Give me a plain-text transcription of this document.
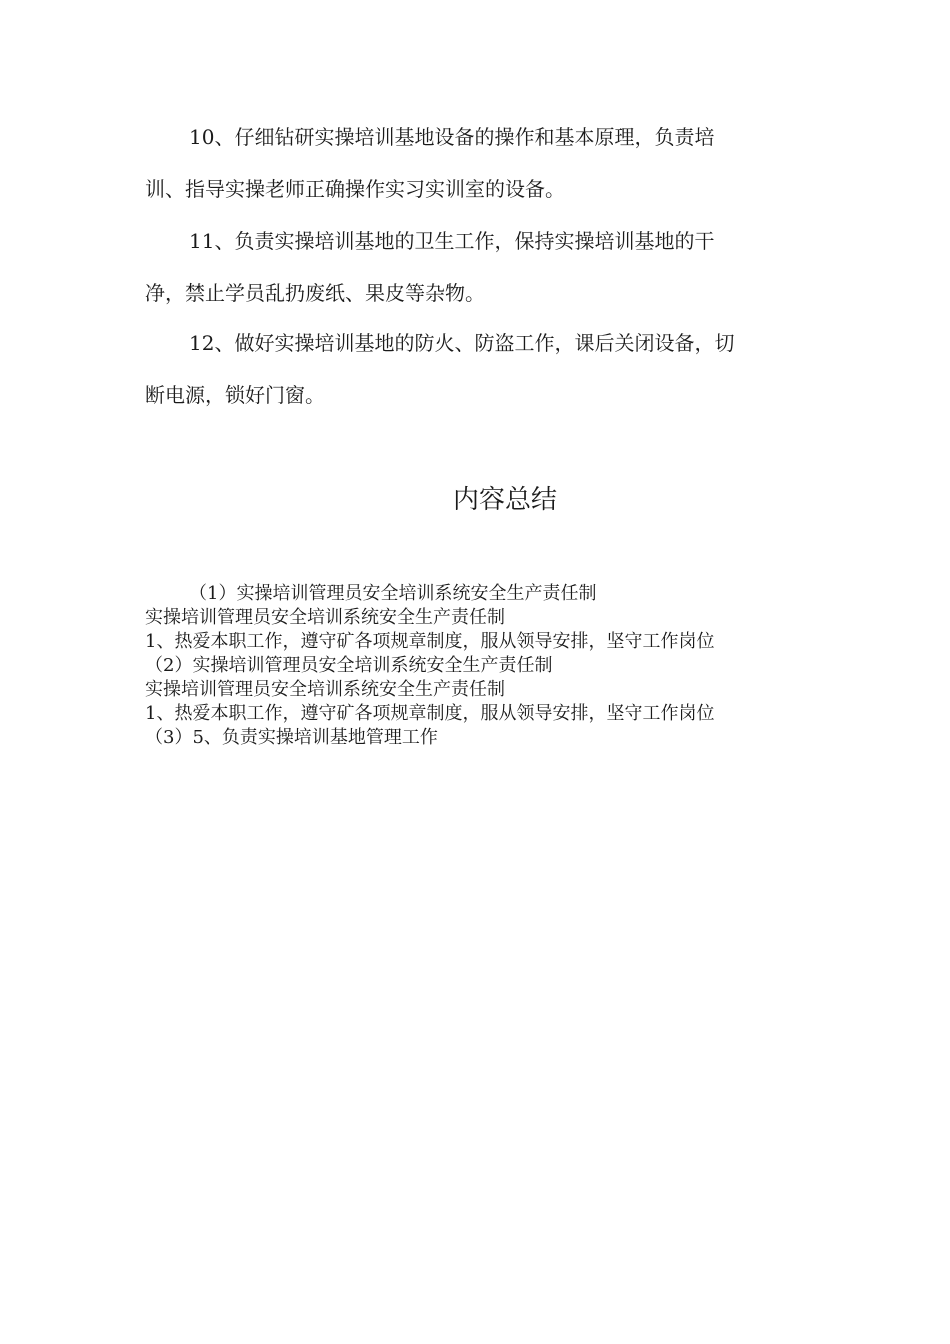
10、仔细钻研实操培训基地设备的操作和基本原理，负责培
训、指导实操老师正确操作实习实训室的设备。

11、负责实操培训基地的卫生工作，保持实操培训基地的干
净，禁止学员乱扔废纸、果皮等杂物。

12、做好实操培训基地的防火、防盗工作，课后关闭设备，切
断电源，锁好门窗。

内容总结
（1）实操培训管理员安全培训系统安全生产责任制
实操培训管理员安全培训系统安全生产责任制
1、热爱本职工作，遵守矿各项规章制度，服从领导安排，坚守工作岗位
（2）实操培训管理员安全培训系统安全生产责任制
实操培训管理员安全培训系统安全生产责任制
1、热爱本职工作，遵守矿各项规章制度，服从领导安排，坚守工作岗位
（3）5、负责实操培训基地管理工作
